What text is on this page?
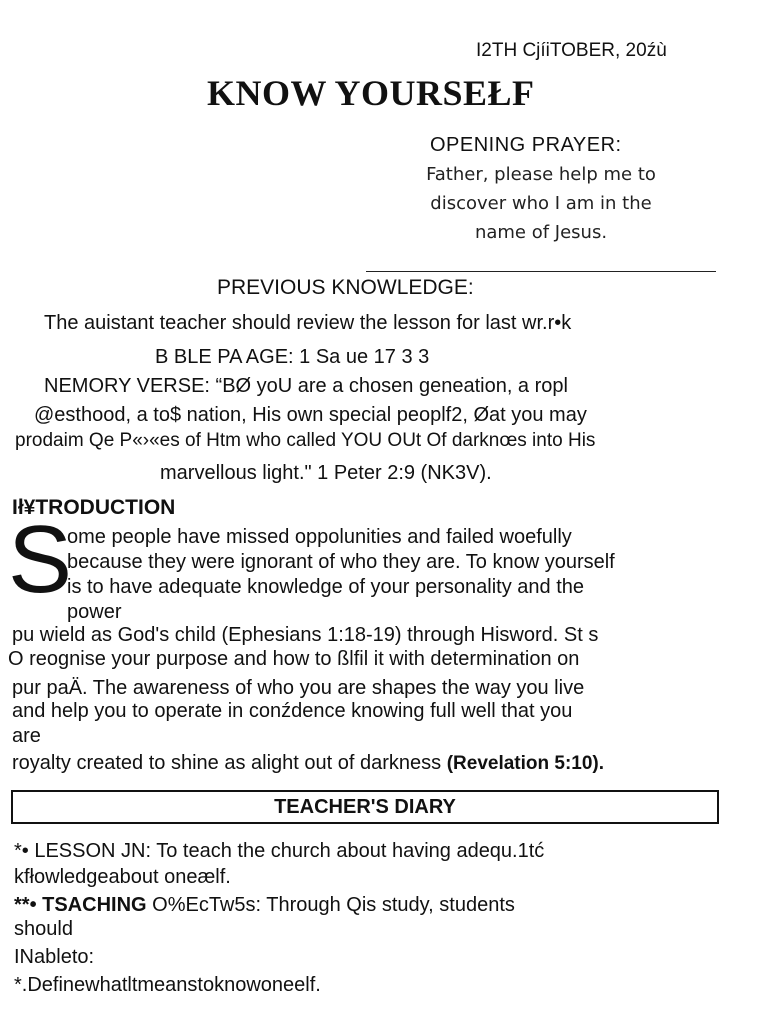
I2TH CjíiTOBER, 20źù
KNOW YOURSEŁF
OPENING PRAYER:
Father, please help me to discover who I am in the name of Jesus.
PREVIOUS KNOWLEDGE:
The auistant teacher should review the lesson for last wr.r•k
B BLE PA AGE: 1 Sa ue 17 3 3
NEMORY VERSE: “BØ yoU are a chosen geneation, a ropl
@esthood, a to$ nation, His own special peoplf2, Øat you may
prodaim Qe P«›«es of Htm who called YOU OUt Of darknœs into His
marvellous light." 1 Peter 2:9 (NK3V).
Ił¥TRODUCTION
S
ome people have missed oppolunities and failed woefully
because they were ignorant of who they are. To know yourself
is to have adequate knowledge of your personality and the
power
pu wield as God's child (Ephesians 1:18-19) through Hisword. St s
O reognise your purpose and how to ßlfil it with determination on
pur paÄ. The awareness of who you are shapes the way you live
and help you to operate in conźdence knowing full well that you
are
royalty created to shine as alight out of darkness (Revelation 5:10).
TEACHER'S DIARY
*• LESSON JN: To teach the church about having adequ.1tć
kfłowledgeabout oneælf.
**• TSACHING O%EcTw5s: Through Qis study, students
should
INableto:
*.Definewhatltmeanstoknowoneelf.
